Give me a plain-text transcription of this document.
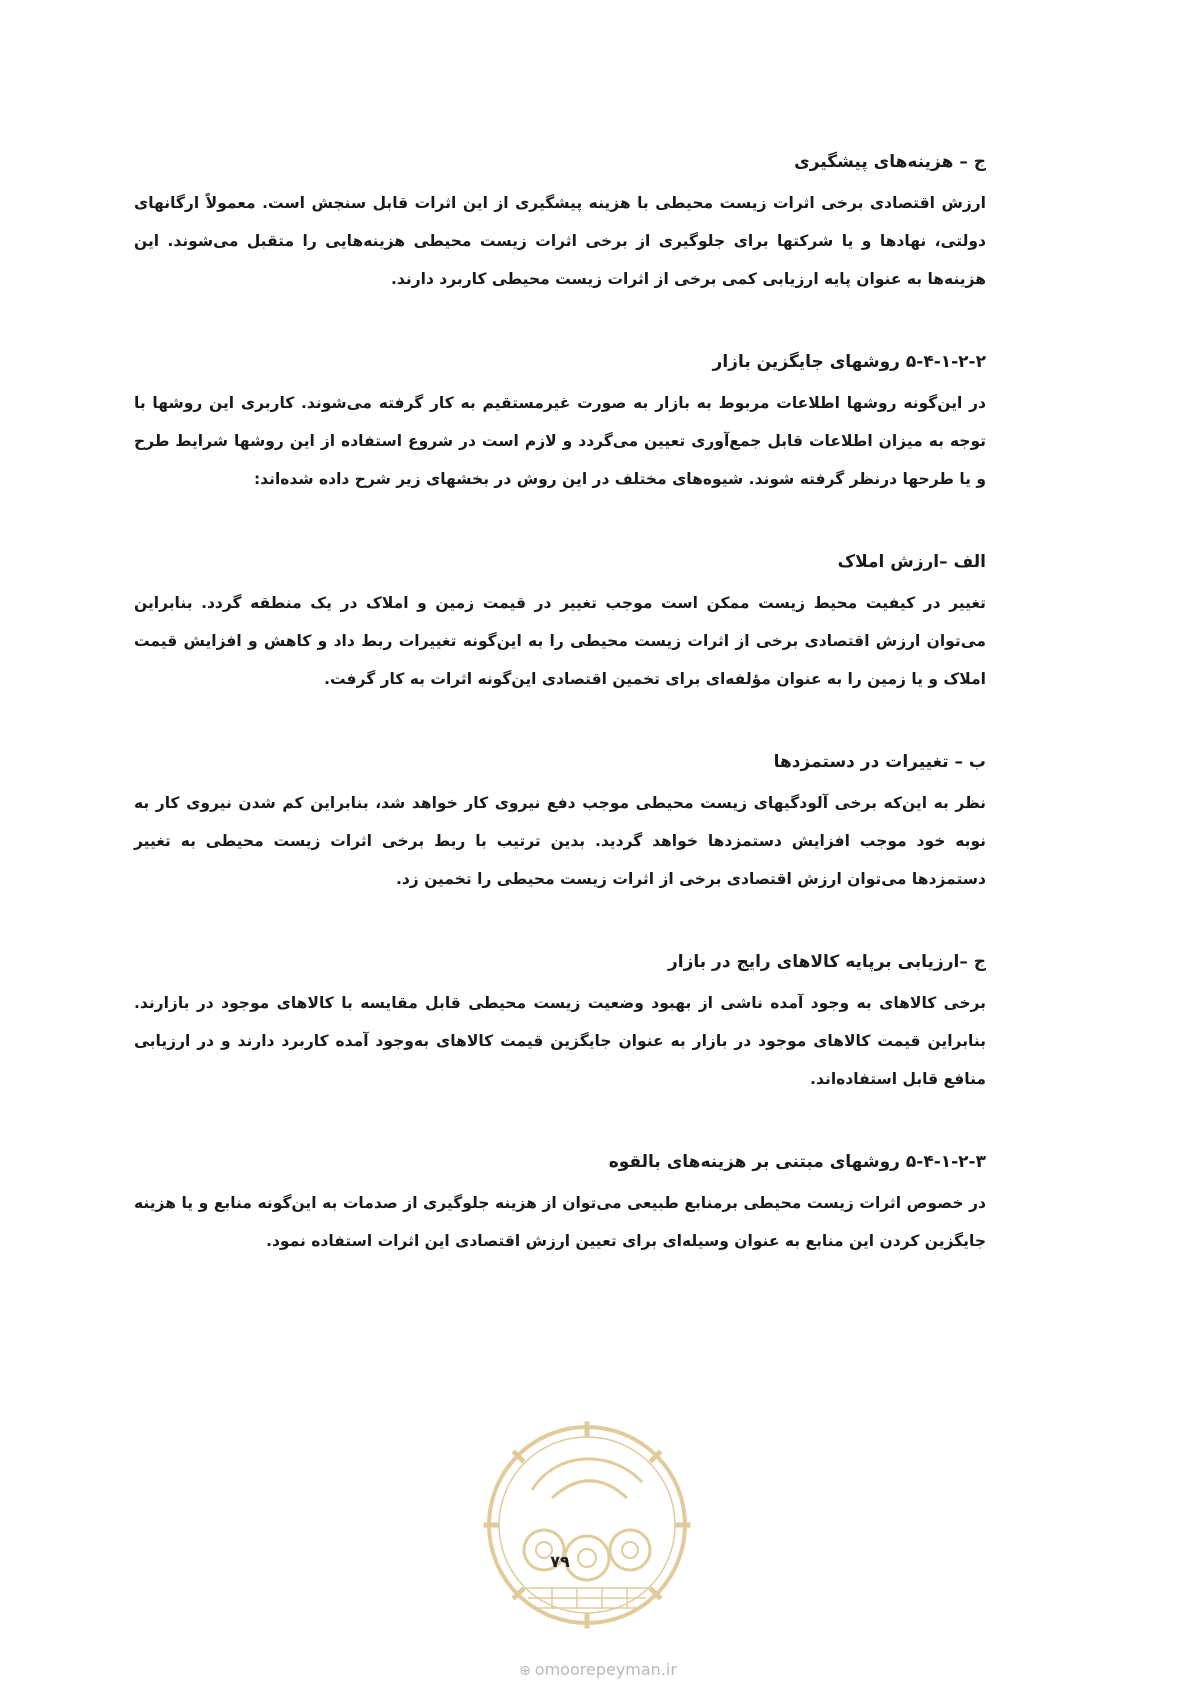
ج – هزینه‌های پیشگیری

ارزش اقتصادی برخی اثرات زیست محیطی با هزینه پیشگیری از این اثرات قابل سنجش است. معمولاً ارگانهای دولتی، نهادها و یا شرکتها برای جلوگیری از برخی اثرات زیست محیطی هزینه‌هایی را متقبل می‌شوند. این هزینه‌ها به عنوان پایه ارزیابی کمی برخی از اثرات زیست محیطی کاربرد دارند.

۵-۴-۱-۲-۲ روشهای جایگزین بازار

در این‌گونه روشها اطلاعات مربوط به بازار به صورت غیرمستقیم به کار گرفته می‌شوند. کاربری این روشها با توجه به میزان اطلاعات قابل جمع‌آوری تعیین می‌گردد و لازم است در شروع استفاده از این روشها شرایط طرح و یا طرحها درنظر گرفته شوند. شیوه‌های مختلف در این روش در بخشهای زیر شرح داده شده‌اند:

الف –ارزش املاک

تغییر در کیفیت محیط زیست ممکن است موجب تغییر در قیمت زمین و املاک در یک منطقه گردد. بنابراین می‌توان ارزش اقتصادی برخی از اثرات زیست محیطی را به این‌گونه تغییرات ربط داد و کاهش و افزایش قیمت املاک و یا زمین را به عنوان مؤلفه‌ای برای تخمین اقتصادی این‌گونه اثرات به کار گرفت.

ب – تغییرات در دستمزدها

نظر به این‌که برخی آلودگیهای زیست محیطی موجب دفع نیروی کار خواهد شد، بنابراین کم شدن نیروی کار به نوبه خود موجب افزایش دستمزدها خواهد گردید. بدین ترتیب با ربط برخی اثرات زیست محیطی به تغییر دستمزدها می‌توان ارزش اقتصادی برخی از اثرات زیست محیطی را تخمین زد.

ج –ارزیابی برپایه کالاهای رایج در بازار

برخی کالاهای به وجود آمده ناشی از بهبود وضعیت زیست محیطی قابل مقایسه با کالاهای موجود در بازارند. بنابراین قیمت کالاهای موجود در بازار به عنوان جایگزین قیمت کالاهای به‌وجود آمده کاربرد دارند و در ارزیابی منافع قابل استفاده‌اند.

۵-۴-۱-۲-۳ روشهای مبتنی بر هزینه‌های بالقوه

در خصوص اثرات زیست محیطی برمنابع طبیعی می‌توان از هزینه جلوگیری از صدمات به این‌گونه منابع و یا هزینه جایگزین کردن این منابع به عنوان وسیله‌ای برای تعیین ارزش اقتصادی این اثرات استفاده نمود.

۷۹
⊕ omoorepeyman.ir
